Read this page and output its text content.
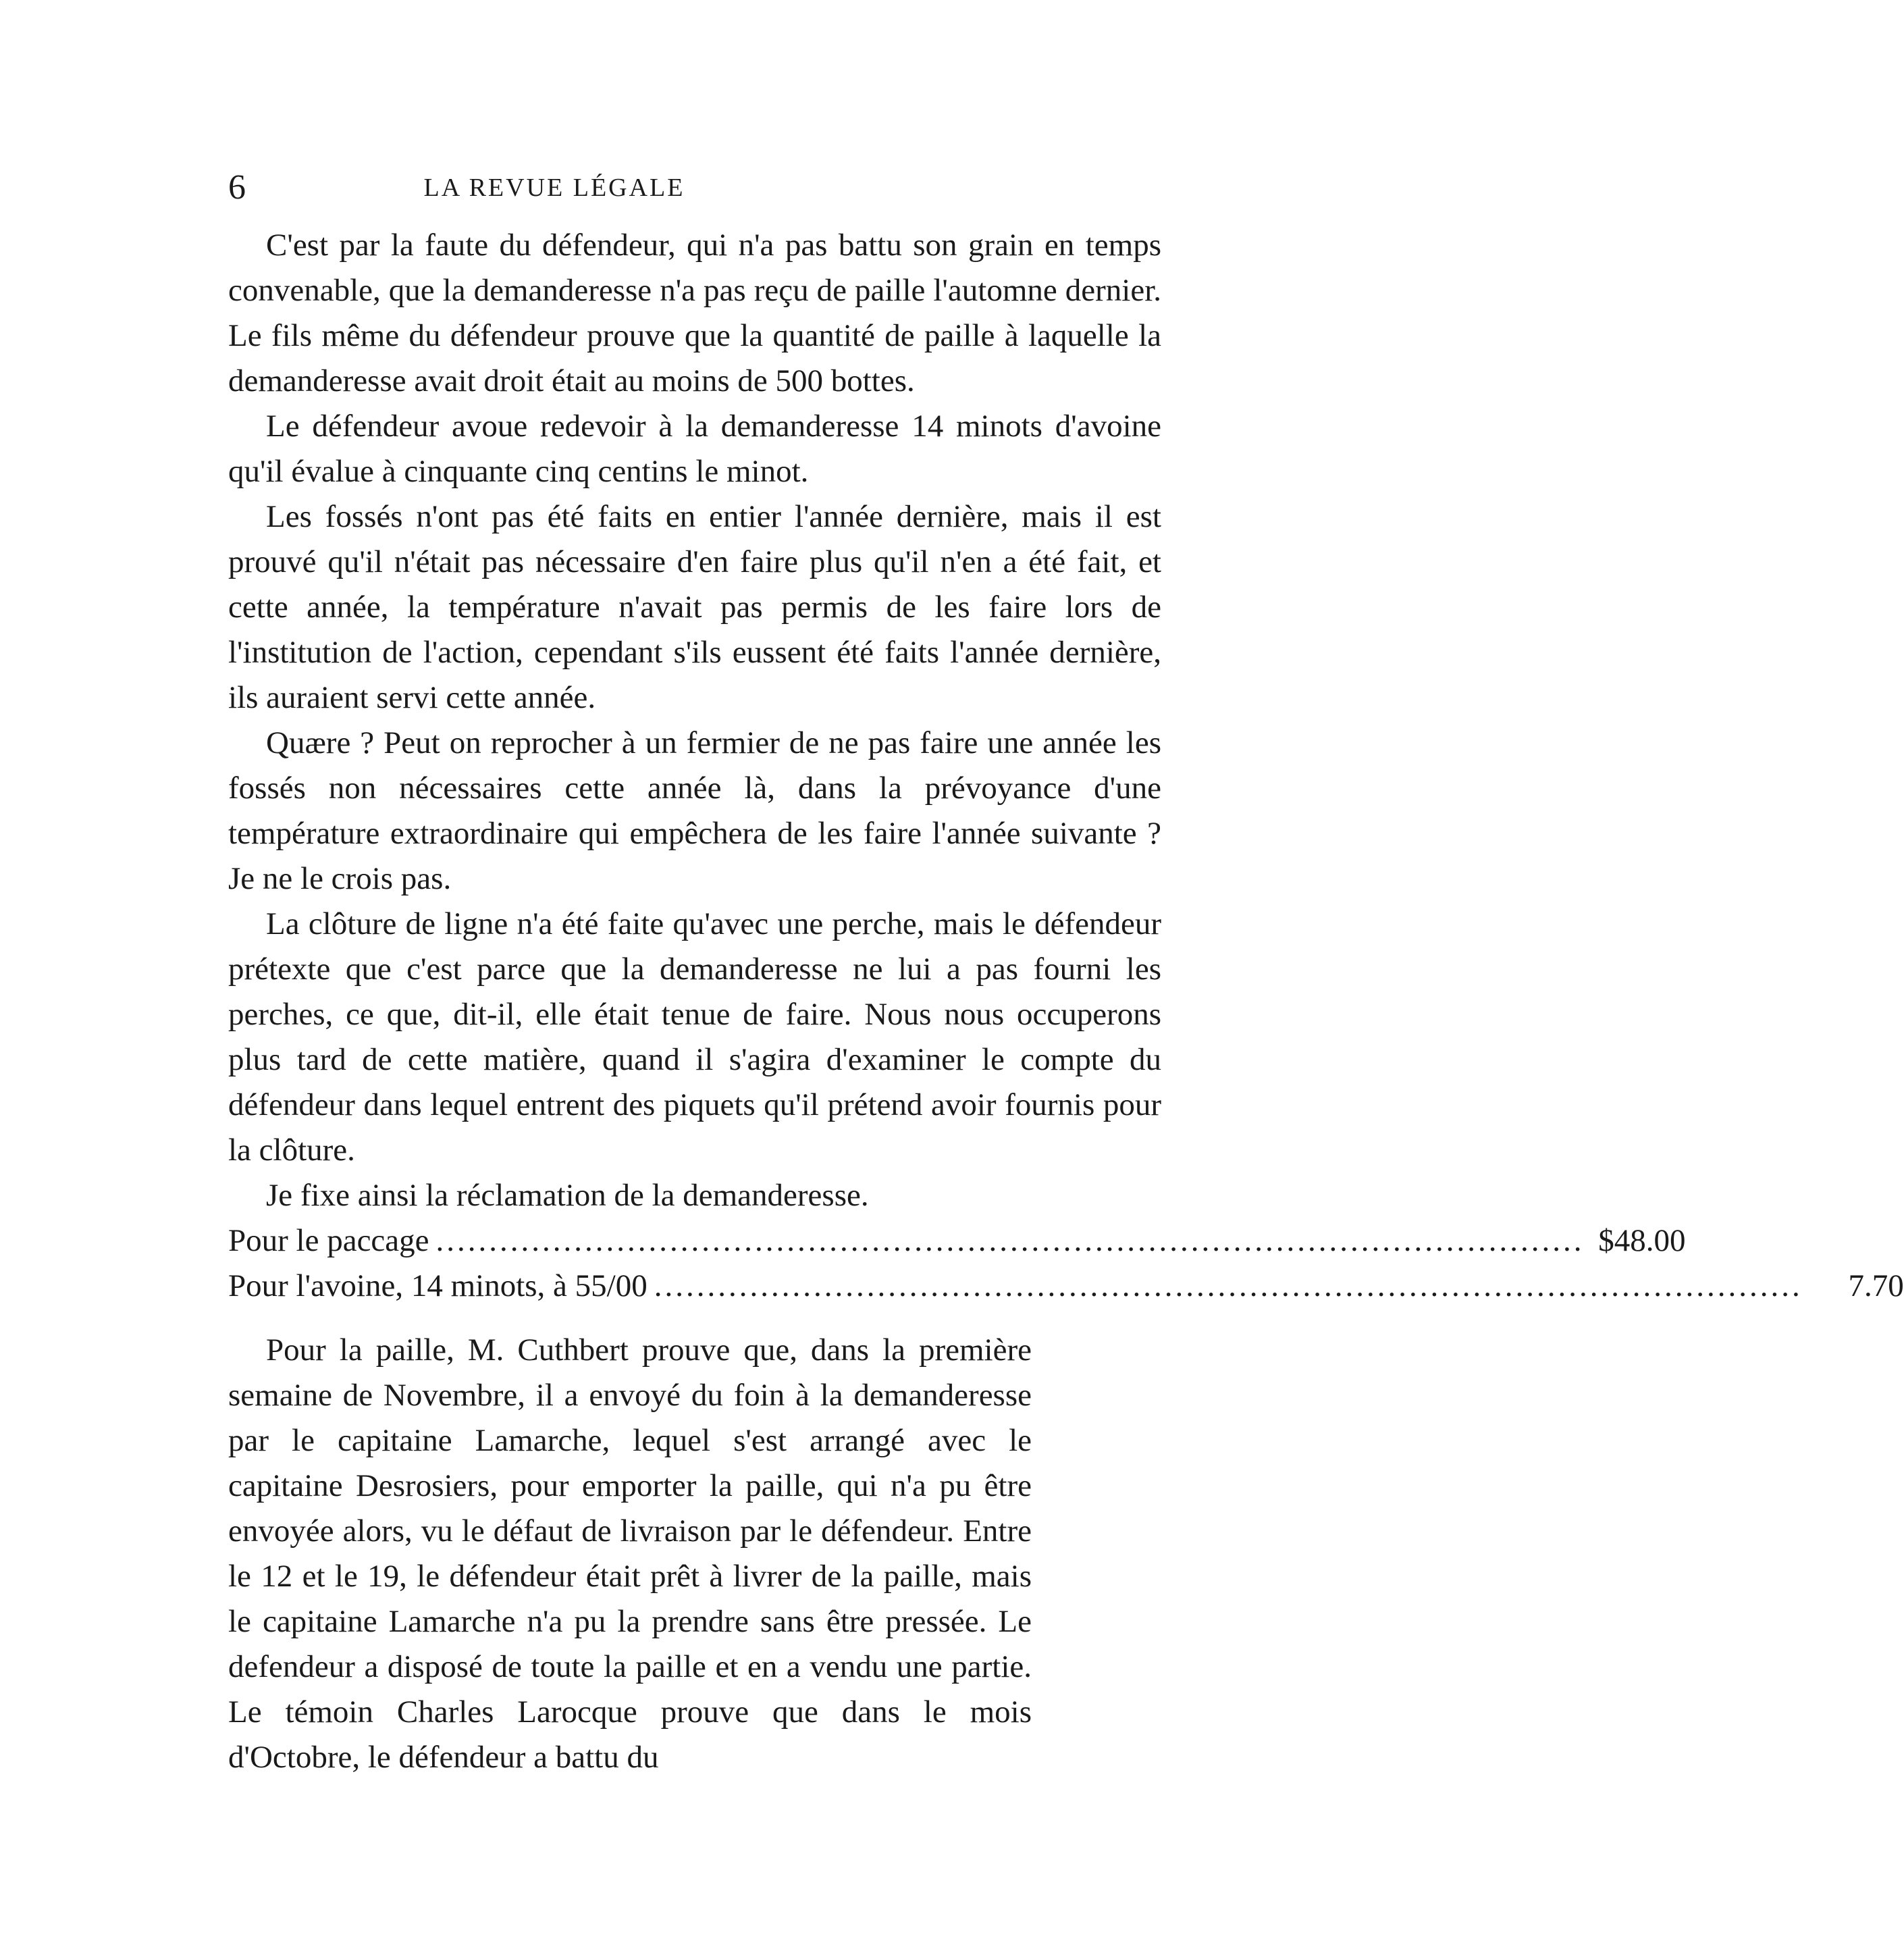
6	LA REVUE LÉGALE

C'est par la faute du défendeur, qui n'a pas battu son grain en temps convenable, que la demanderesse n'a pas reçu de paille l'automne dernier. Le fils même du défendeur prouve que la quantité de paille à laquelle la demanderesse avait droit était au moins de 500 bottes.

Le défendeur avoue redevoir à la demanderesse 14 minots d'avoine qu'il évalue à cinquante cinq centins le minot.

Les fossés n'ont pas été faits en entier l'année dernière, mais il est prouvé qu'il n'était pas nécessaire d'en faire plus qu'il n'en a été fait, et cette année, la température n'avait pas permis de les faire lors de l'institution de l'action, cependant s'ils eussent été faits l'année dernière, ils auraient servi cette année.

Quære ? Peut on reprocher à un fermier de ne pas faire une année les fossés non nécessaires cette année là, dans la prévoyance d'une température extraordinaire qui empêchera de les faire l'année suivante ? Je ne le crois pas.

La clôture de ligne n'a été faite qu'avec une perche, mais le défendeur prétexte que c'est parce que la demanderesse ne lui a pas fourni les perches, ce que, dit-il, elle était tenue de faire. Nous nous occuperons plus tard de cette matière, quand il s'agira d'examiner le compte du défendeur dans lequel entrent des piquets qu'il prétend avoir fournis pour la clôture.

Je fixe ainsi la réclamation de la demanderesse.

Pour le paccage ............................................................................................................ $48.00
Pour l'avoine, 14 minots, à 55/00 ............................................................................................................	7.70

Pour la paille, M. Cuthbert prouve que, dans la première semaine de Novembre, il a envoyé du foin à la demanderesse par le capitaine Lamarche, lequel s'est arrangé avec le capitaine Desrosiers, pour emporter la paille, qui n'a pu être envoyée alors, vu le défaut de livraison par le défendeur. Entre le 12 et le 19, le défendeur était prêt à livrer de la paille, mais le capitaine Lamarche n'a pu la prendre sans être pressée. Le defendeur a disposé de toute la paille et en a vendu une partie. Le témoin Charles Larocque prouve que dans le mois d'Octobre, le défendeur a battu du
